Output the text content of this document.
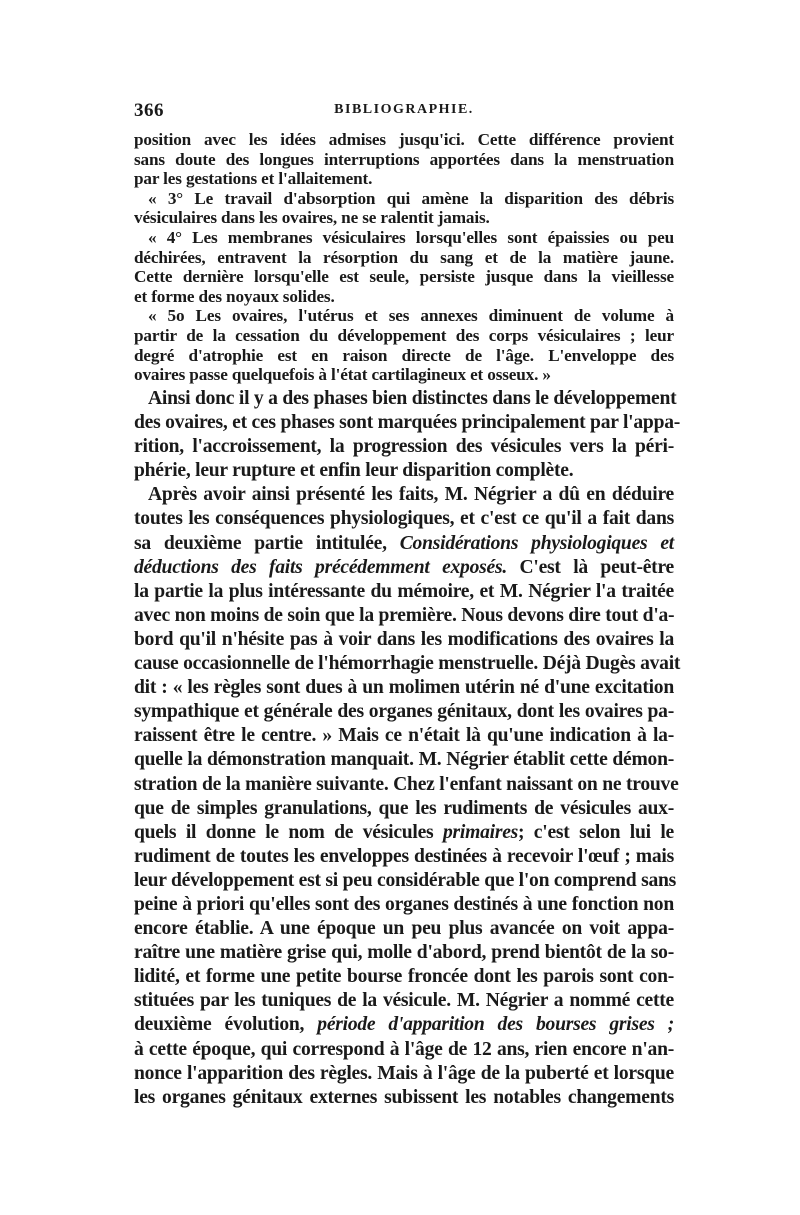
366	BIBLIOGRAPHIE.
position avec les idées admises jusqu'ici. Cette différence provient
sans doute des longues interruptions apportées dans la menstruation
par les gestations et l'allaitement.
« 3° Le travail d'absorption qui amène la disparition des débris
vésiculaires dans les ovaires, ne se ralentit jamais.
« 4° Les membranes vésiculaires lorsqu'elles sont épaissies ou peu
déchirées, entravent la résorption du sang et de la matière jaune.
Cette dernière lorsqu'elle est seule, persiste jusque dans la vieillesse
et forme des noyaux solides.
« 5o Les ovaires, l'utérus et ses annexes diminuent de volume à
partir de la cessation du développement des corps vésiculaires ; leur
degré d'atrophie est en raison directe de l'âge. L'enveloppe des
ovaires passe quelquefois à l'état cartilagineux et osseux. »
Ainsi donc il y a des phases bien distinctes dans le développement
des ovaires, et ces phases sont marquées principalement par l'appa-
rition, l'accroissement, la progression des vésicules vers la péri-
phérie, leur rupture et enfin leur disparition complète.
Après avoir ainsi présenté les faits, M. Négrier a dû en déduire
toutes les conséquences physiologiques, et c'est ce qu'il a fait dans
sa deuxième partie intitulée, Considérations physiologiques et
déductions des faits précédemment exposés. C'est là peut-être
la partie la plus intéressante du mémoire, et M. Négrier l'a traitée
avec non moins de soin que la première. Nous devons dire tout d'a-
bord qu'il n'hésite pas à voir dans les modifications des ovaires la
cause occasionnelle de l'hémorrhagie menstruelle. Déjà Dugès avait
dit : « les règles sont dues à un molimen utérin né d'une excitation
sympathique et générale des organes génitaux, dont les ovaires pa-
raissent être le centre. » Mais ce n'était là qu'une indication à la-
quelle la démonstration manquait. M. Négrier établit cette démon-
stration de la manière suivante. Chez l'enfant naissant on ne trouve
que de simples granulations, que les rudiments de vésicules aux-
quels il donne le nom de vésicules primaires; c'est selon lui le
rudiment de toutes les enveloppes destinées à recevoir l'œuf ; mais
leur développement est si peu considérable que l'on comprend sans
peine à priori qu'elles sont des organes destinés à une fonction non
encore établie. A une époque un peu plus avancée on voit appa-
raître une matière grise qui, molle d'abord, prend bientôt de la so-
lidité, et forme une petite bourse froncée dont les parois sont con-
stituées par les tuniques de la vésicule. M. Négrier a nommé cette
deuxième évolution, période d'apparition des bourses grises ;
à cette époque, qui correspond à l'âge de 12 ans, rien encore n'an-
nonce l'apparition des règles. Mais à l'âge de la puberté et lorsque
les organes génitaux externes subissent les notables changements
